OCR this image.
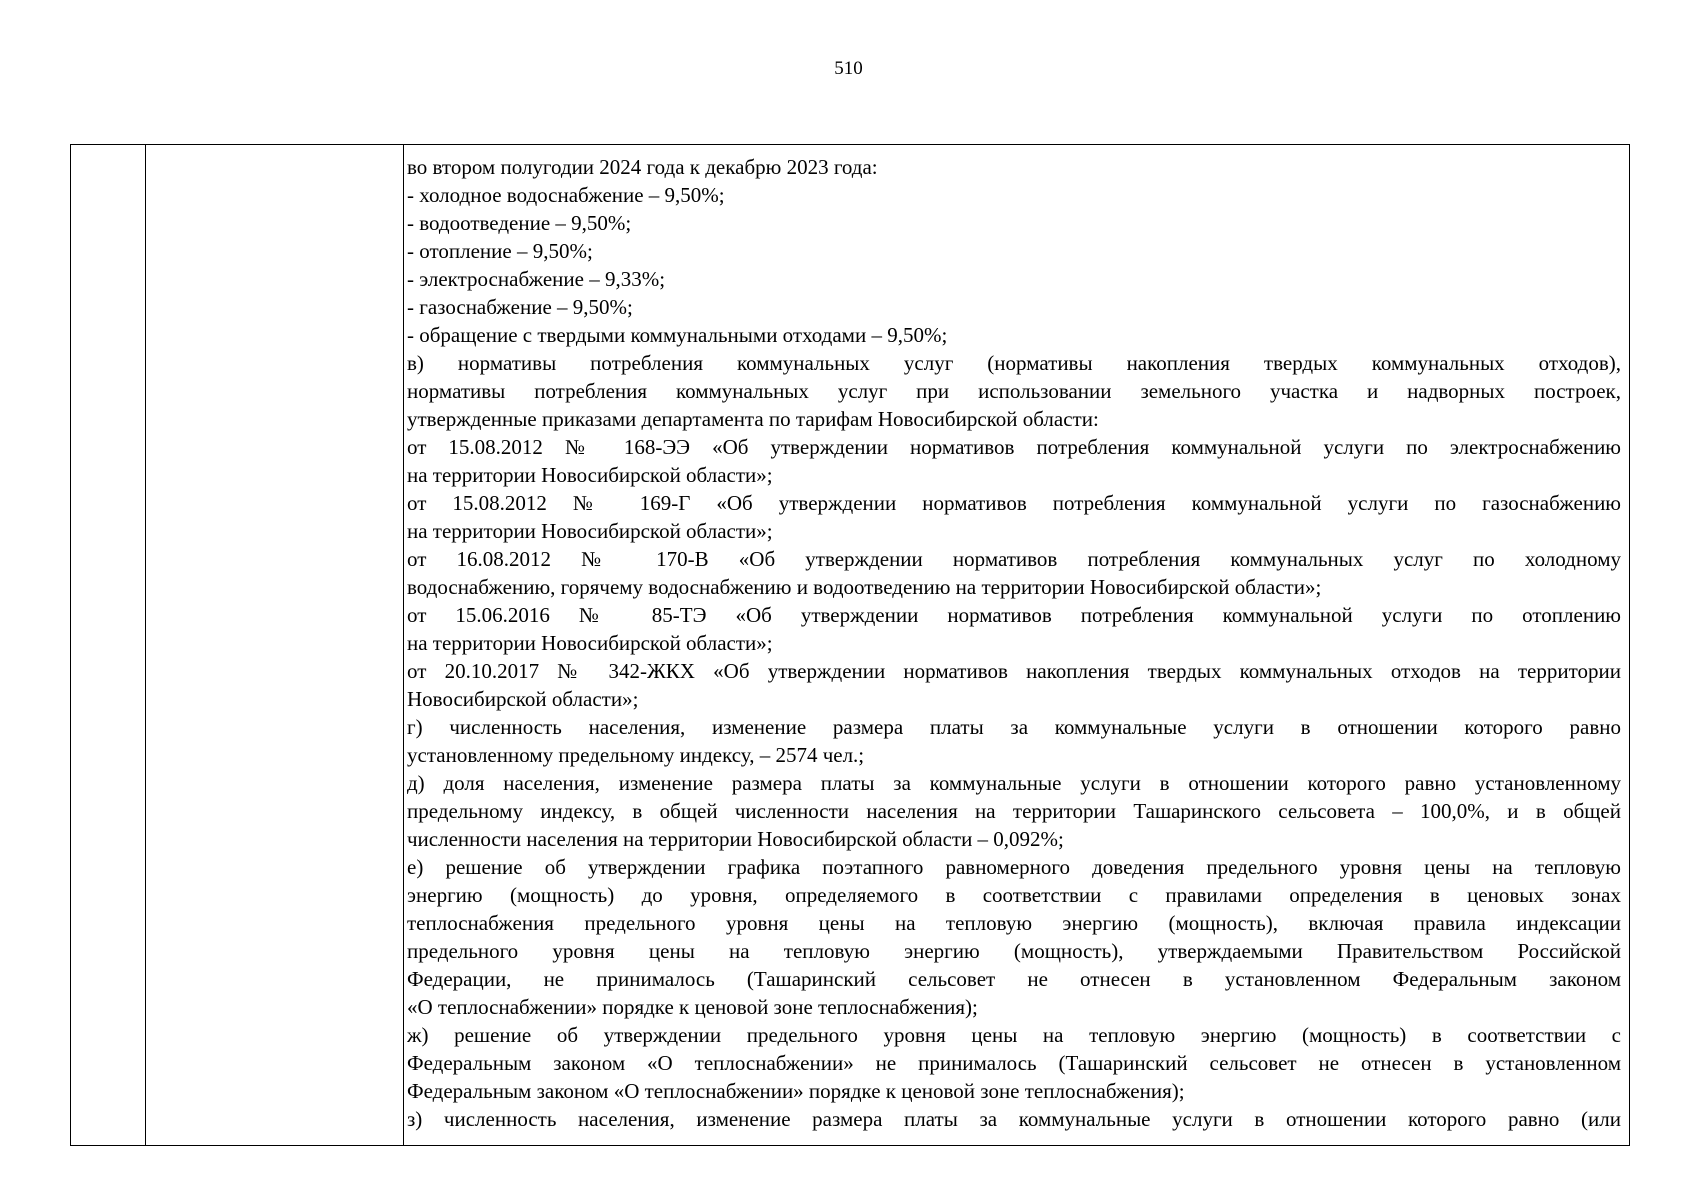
510
во втором полугодии 2024 года к декабрю 2023 года:
- холодное водоснабжение – 9,50%;
- водоотведение – 9,50%;
- отопление – 9,50%;
- электроснабжение – 9,33%;
- газоснабжение – 9,50%;
- обращение с твердыми коммунальными отходами – 9,50%;
в) нормативы потребления коммунальных услуг (нормативы накопления твердых коммунальных отходов),
нормативы потребления коммунальных услуг при использовании земельного участка и надворных построек,
утвержденные приказами департамента по тарифам Новосибирской области:
от 15.08.2012 № 168-ЭЭ «Об утверждении нормативов потребления коммунальной услуги по электроснабжению
на территории Новосибирской области»;
от 15.08.2012 № 169-Г «Об утверждении нормативов потребления коммунальной услуги по газоснабжению
на территории Новосибирской области»;
от 16.08.2012 № 170-В «Об утверждении нормативов потребления коммунальных услуг по холодному
водоснабжению, горячему водоснабжению и водоотведению на территории Новосибирской области»;
от 15.06.2016 № 85-ТЭ «Об утверждении нормативов потребления коммунальной услуги по отоплению
на территории Новосибирской области»;
от 20.10.2017 № 342-ЖКХ «Об утверждении нормативов накопления твердых коммунальных отходов на территории
Новосибирской области»;
г) численность населения, изменение размера платы за коммунальные услуги в отношении которого равно
установленному предельному индексу, – 2574 чел.;
д) доля населения, изменение размера платы за коммунальные услуги в отношении которого равно установленному
предельному индексу, в общей численности населения на территории Ташаринского сельсовета – 100,0%, и в общей
численности населения на территории Новосибирской области – 0,092%;
е) решение об утверждении графика поэтапного равномерного доведения предельного уровня цены на тепловую
энергию (мощность) до уровня, определяемого в соответствии с правилами определения в ценовых зонах
теплоснабжения предельного уровня цены на тепловую энергию (мощность), включая правила индексации
предельного уровня цены на тепловую энергию (мощность), утверждаемыми Правительством Российской
Федерации, не принималось (Ташаринский сельсовет не отнесен в установленном Федеральным законом
«О теплоснабжении» порядке к ценовой зоне теплоснабжения);
ж) решение об утверждении предельного уровня цены на тепловую энергию (мощность) в соответствии с
Федеральным законом «О теплоснабжении» не принималось (Ташаринский сельсовет не отнесен в установленном
Федеральным законом «О теплоснабжении» порядке к ценовой зоне теплоснабжения);
з) численность населения, изменение размера платы за коммунальные услуги в отношении которого равно (или
